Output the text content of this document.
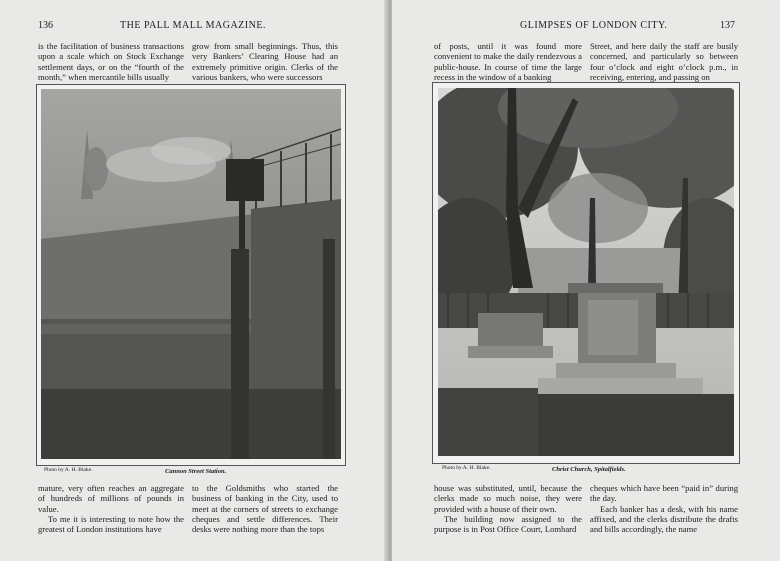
136	THE PALL MALL MAGAZINE.

is the facilitation of business transactions upon a scale which on Stock Exchange settlement days, or on the “fourth of the month,” when mercantile bills usually

grow from small beginnings. Thus, this very Bankers’ Clearing House had an extremely primitive origin. Clerks of the various bankers, who were successors

Photo by A. H. Blake.	Cannon Street Station.

mature, very often reaches an aggregate of hundreds of millions of pounds in value.

To me it is interesting to note how the greatest of London institutions have

to the Goldsmiths who started the business of banking in the City, used to meet at the corners of streets to exchange cheques and settle differences. Their desks were nothing more than the tops

GLIMPSES OF LONDON CITY.	137

of posts, until it was found more convenient to make the daily rendezvous a public-house. In course of time the large recess in the window of a banking

Street, and here daily the staff are busily concerned, and particularly so between four o’clock and eight o’clock p.m., in receiving, entering, and passing on

Photo by A. H. Blake.	Christ Church, Spitalfields.

house was substituted, until, because the clerks made so much noise, they were provided with a house of their own.

The building now assigned to the purpose is in Post Office Court, Lombard

cheques which have been “paid in” during the day.

Each banker has a desk, with his name affixed, and the clerks distribute the drafts and bills accordingly, the name
